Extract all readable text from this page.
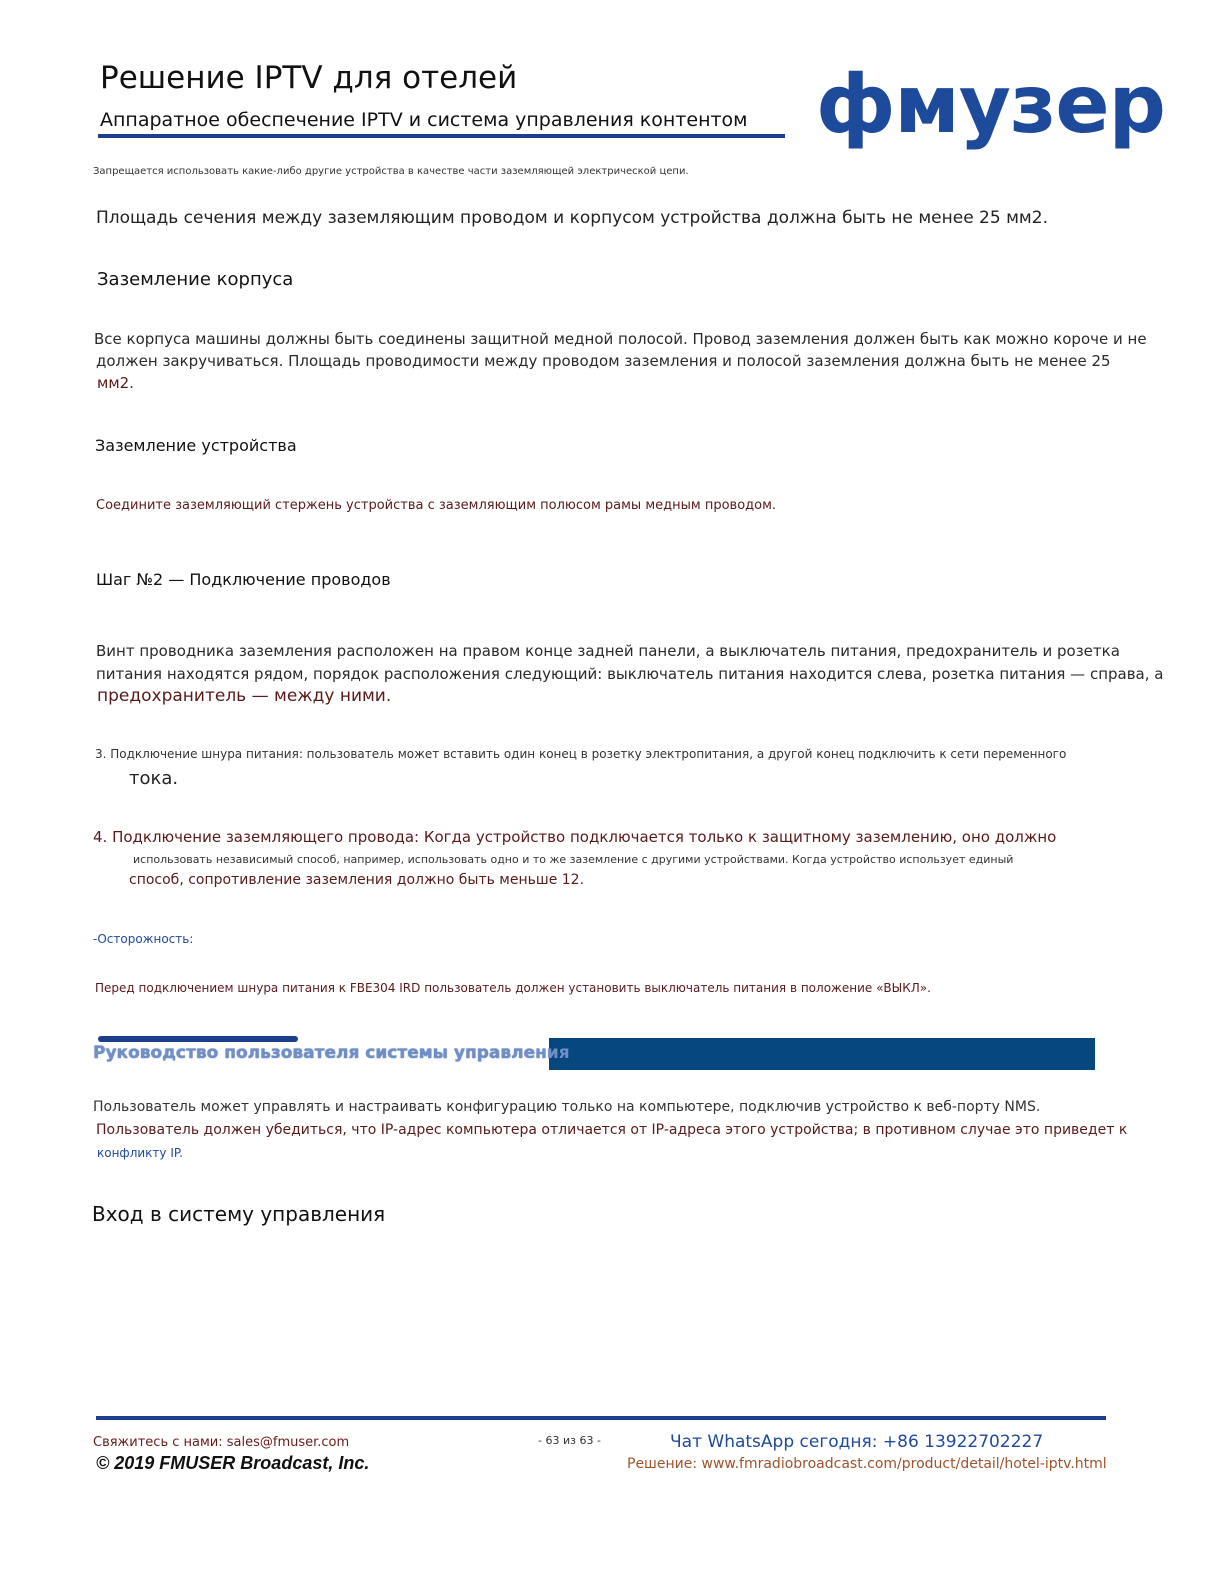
Решение IPTV для отелей
Аппаратное обеспечение IPTV и система управления контентом фмузер
Запрещается использовать какие-либо другие устройства в качестве части заземляющей электрической цепи.
Площадь сечения между заземляющим проводом и корпусом устройства должна быть не менее 25 мм2.
Заземление корпуса
Все корпуса машины должны быть соединены защитной медной полосой. Провод заземления должен быть как можно короче и не
должен закручиваться. Площадь проводимости между проводом заземления и полосой заземления должна быть не менее 25
мм2.
Заземление устройства
Соедините заземляющий стержень устройства с заземляющим полюсом рамы медным проводом.
Шаг №2 — Подключение проводов
Винт проводника заземления расположен на правом конце задней панели, а выключатель питания, предохранитель и розетка
питания находятся рядом, порядок расположения следующий: выключатель питания находится слева, розетка питания — справа, а
предохранитель — между ними.
3. Подключение шнура питания: пользователь может вставить один конец в розетку электропитания, а другой конец подключить к сети переменного
тока.
4. Подключение заземляющего провода: Когда устройство подключается только к защитному заземлению, оно должно
использовать независимый способ, например, использовать одно и то же заземление с другими устройствами. Когда устройство использует единый
способ, сопротивление заземления должно быть меньше 12.
-Осторожность:
Перед подключением шнура питания к FBE304 IRD пользователь должен установить выключатель питания в положение «ВЫКЛ».
Руководство пользователя системы управления
Пользователь может управлять и настраивать конфигурацию только на компьютере, подключив устройство к веб-порту NMS.
Пользователь должен убедиться, что IP-адрес компьютера отличается от IP-адреса этого устройства; в противном случае это приведет к
конфликту IP.
Вход в систему управления
Свяжитесь с нами: sales@fmuser.com
© 2019 FMUSER Broadcast, Inc.
- 63 из 63 -	Чат WhatsApp сегодня: +86 13922702227
Решение: www.fmradiobroadcast.com/product/detail/hotel-iptv.html
